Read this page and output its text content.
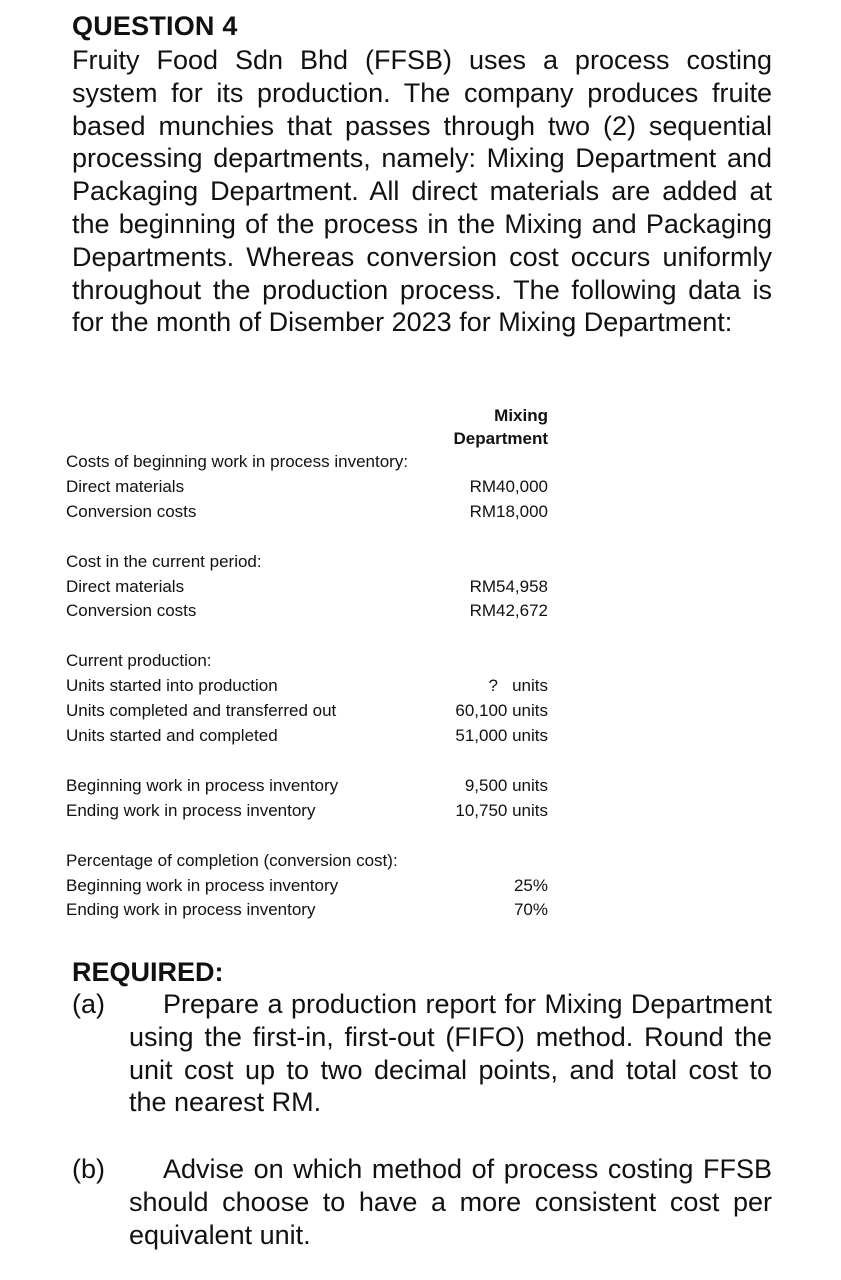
QUESTION 4

Fruity Food Sdn Bhd (FFSB) uses a process costing system for its production. The company produces fruite based munchies that passes through two (2) sequential processing departments, namely: Mixing Department and Packaging Department. All direct materials are added at the beginning of the process in the Mixing and Packaging Departments. Whereas conversion cost occurs uniformly throughout the production process. The following data is for the month of Disember 2023 for Mixing Department:

Mixing
Department
Costs of beginning work in process inventory:
Direct materials	RM40,000
Conversion costs	RM18,000
Cost in the current period:
Direct materials	RM54,958
Conversion costs	RM42,672
Current production:
Units started into production	?   units
Units completed and transferred out	60,100 units
Units started and completed	51,000 units
Beginning work in process inventory	9,500 units
Ending work in process inventory	10,750 units
Percentage of completion (conversion cost):
Beginning work in process inventory	25%
Ending work in process inventory	70%
REQUIRED:
(a)	Prepare a production report for Mixing Department using the first-in, first-out (FIFO) method. Round the unit cost up to two decimal points, and total cost to the nearest RM.
(b)	Advise on which method of process costing FFSB should choose to have a more consistent cost per equivalent unit.
